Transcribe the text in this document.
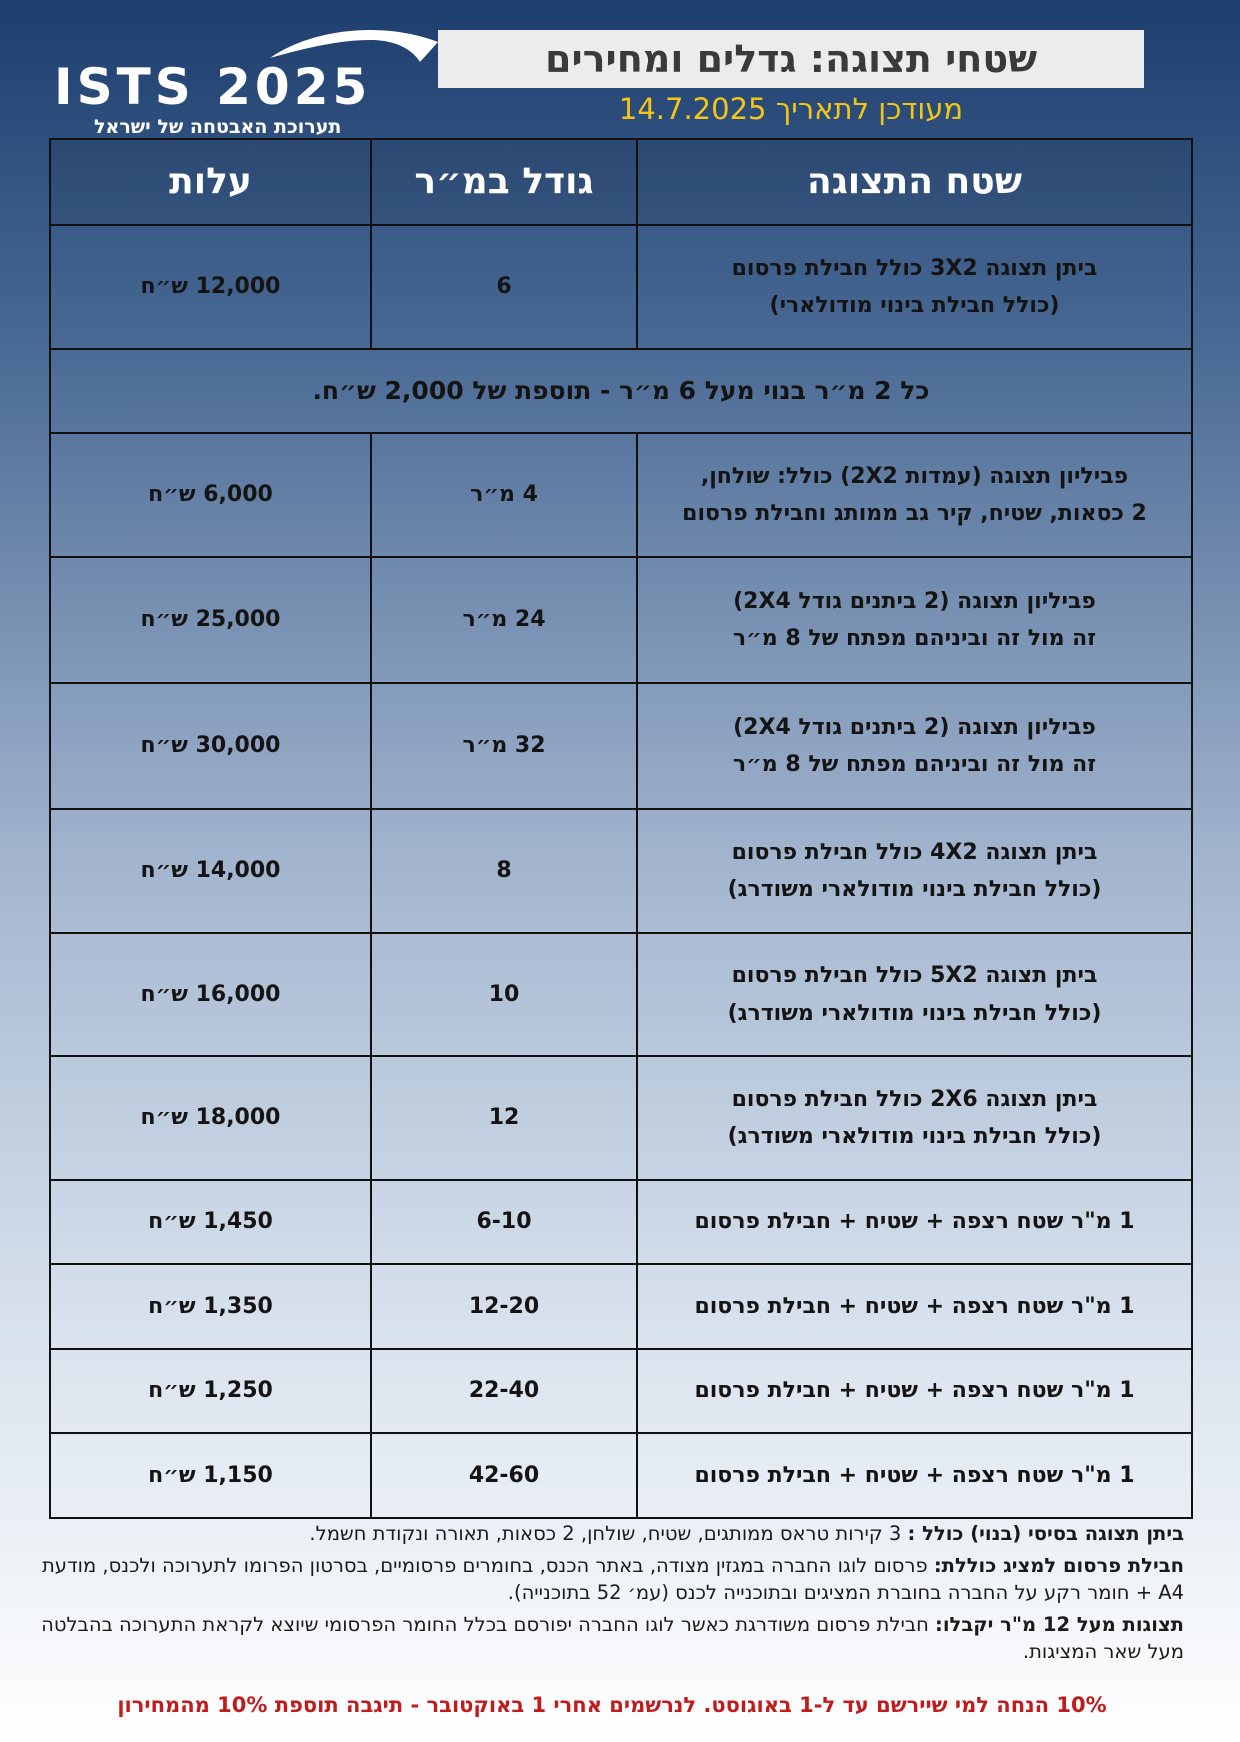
ISTS 2025
תערוכת האבטחה של ישראל
שטחי תצוגה: גדלים ומחירים
מעודכן לתאריך 14.7.2025
שטח התצוגה	גודל במ״ר	עלות

ביתן תצוגה 3X2 כולל חבילת פרסום
(כולל חבילת בינוי מודולארי)	6	12,000 ש״ח
כל 2 מ״ר בנוי מעל 6 מ״ר - תוספת של 2,000 ש״ח.		

פביליון תצוגה (עמדות 2X2) כולל: שולחן,
2 כסאות, שטיח, קיר גב ממותג וחבילת פרסום	4 מ״ר	6,000 ש״ח

פביליון תצוגה (2 ביתנים גודל 2X4)
זה מול זה וביניהם מפתח של 8 מ״ר	24 מ״ר	25,000 ש״ח

פביליון תצוגה (2 ביתנים גודל 2X4)
זה מול זה וביניהם מפתח של 8 מ״ר	32 מ״ר	30,000 ש״ח

ביתן תצוגה 4X2 כולל חבילת פרסום
(כולל חבילת בינוי מודולארי משודרג)	8	14,000 ש״ח

ביתן תצוגה 5X2 כולל חבילת פרסום
(כולל חבילת בינוי מודולארי משודרג)	10	16,000 ש״ח

ביתן תצוגה 2X6 כולל חבילת פרסום
(כולל חבילת בינוי מודולארי משודרג)	12	18,000 ש״ח
1 מ"ר שטח רצפה + שטיח + חבילת פרסום	6-10	1,450 ש״ח
1 מ"ר שטח רצפה + שטיח + חבילת פרסום	12-20	1,350 ש״ח
1 מ"ר שטח רצפה + שטיח + חבילת פרסום	22-40	1,250 ש״ח
1 מ"ר שטח רצפה + שטיח + חבילת פרסום	42-60	1,150 ש״ח

ביתן תצוגה בסיסי (בנוי) כולל : 3 קירות טראס ממותגים, שטיח, שולחן, 2 כסאות, תאורה ונקודת חשמל.

חבילת פרסום למציג כוללת: פרסום לוגו החברה במגזין מצודה, באתר הכנס, בחומרים פרסומיים, בסרטון הפרומו לתערוכה ולכנס, מודעת A4 + חומר רקע על החברה בחוברת המציגים ובתוכנייה לכנס (עמ׳ 52 בתוכנייה).

תצוגות מעל 12 מ"ר יקבלו: חבילת פרסום משודרגת כאשר לוגו החברה יפורסם בכלל החומר הפרסומי שיוצא לקראת התערוכה בהבלטה מעל שאר המציגות.

10% הנחה למי שיירשם עד ל-1 באוגוסט. לנרשמים אחרי 1 באוקטובר - תיגבה תוספת 10% מהמחירון
